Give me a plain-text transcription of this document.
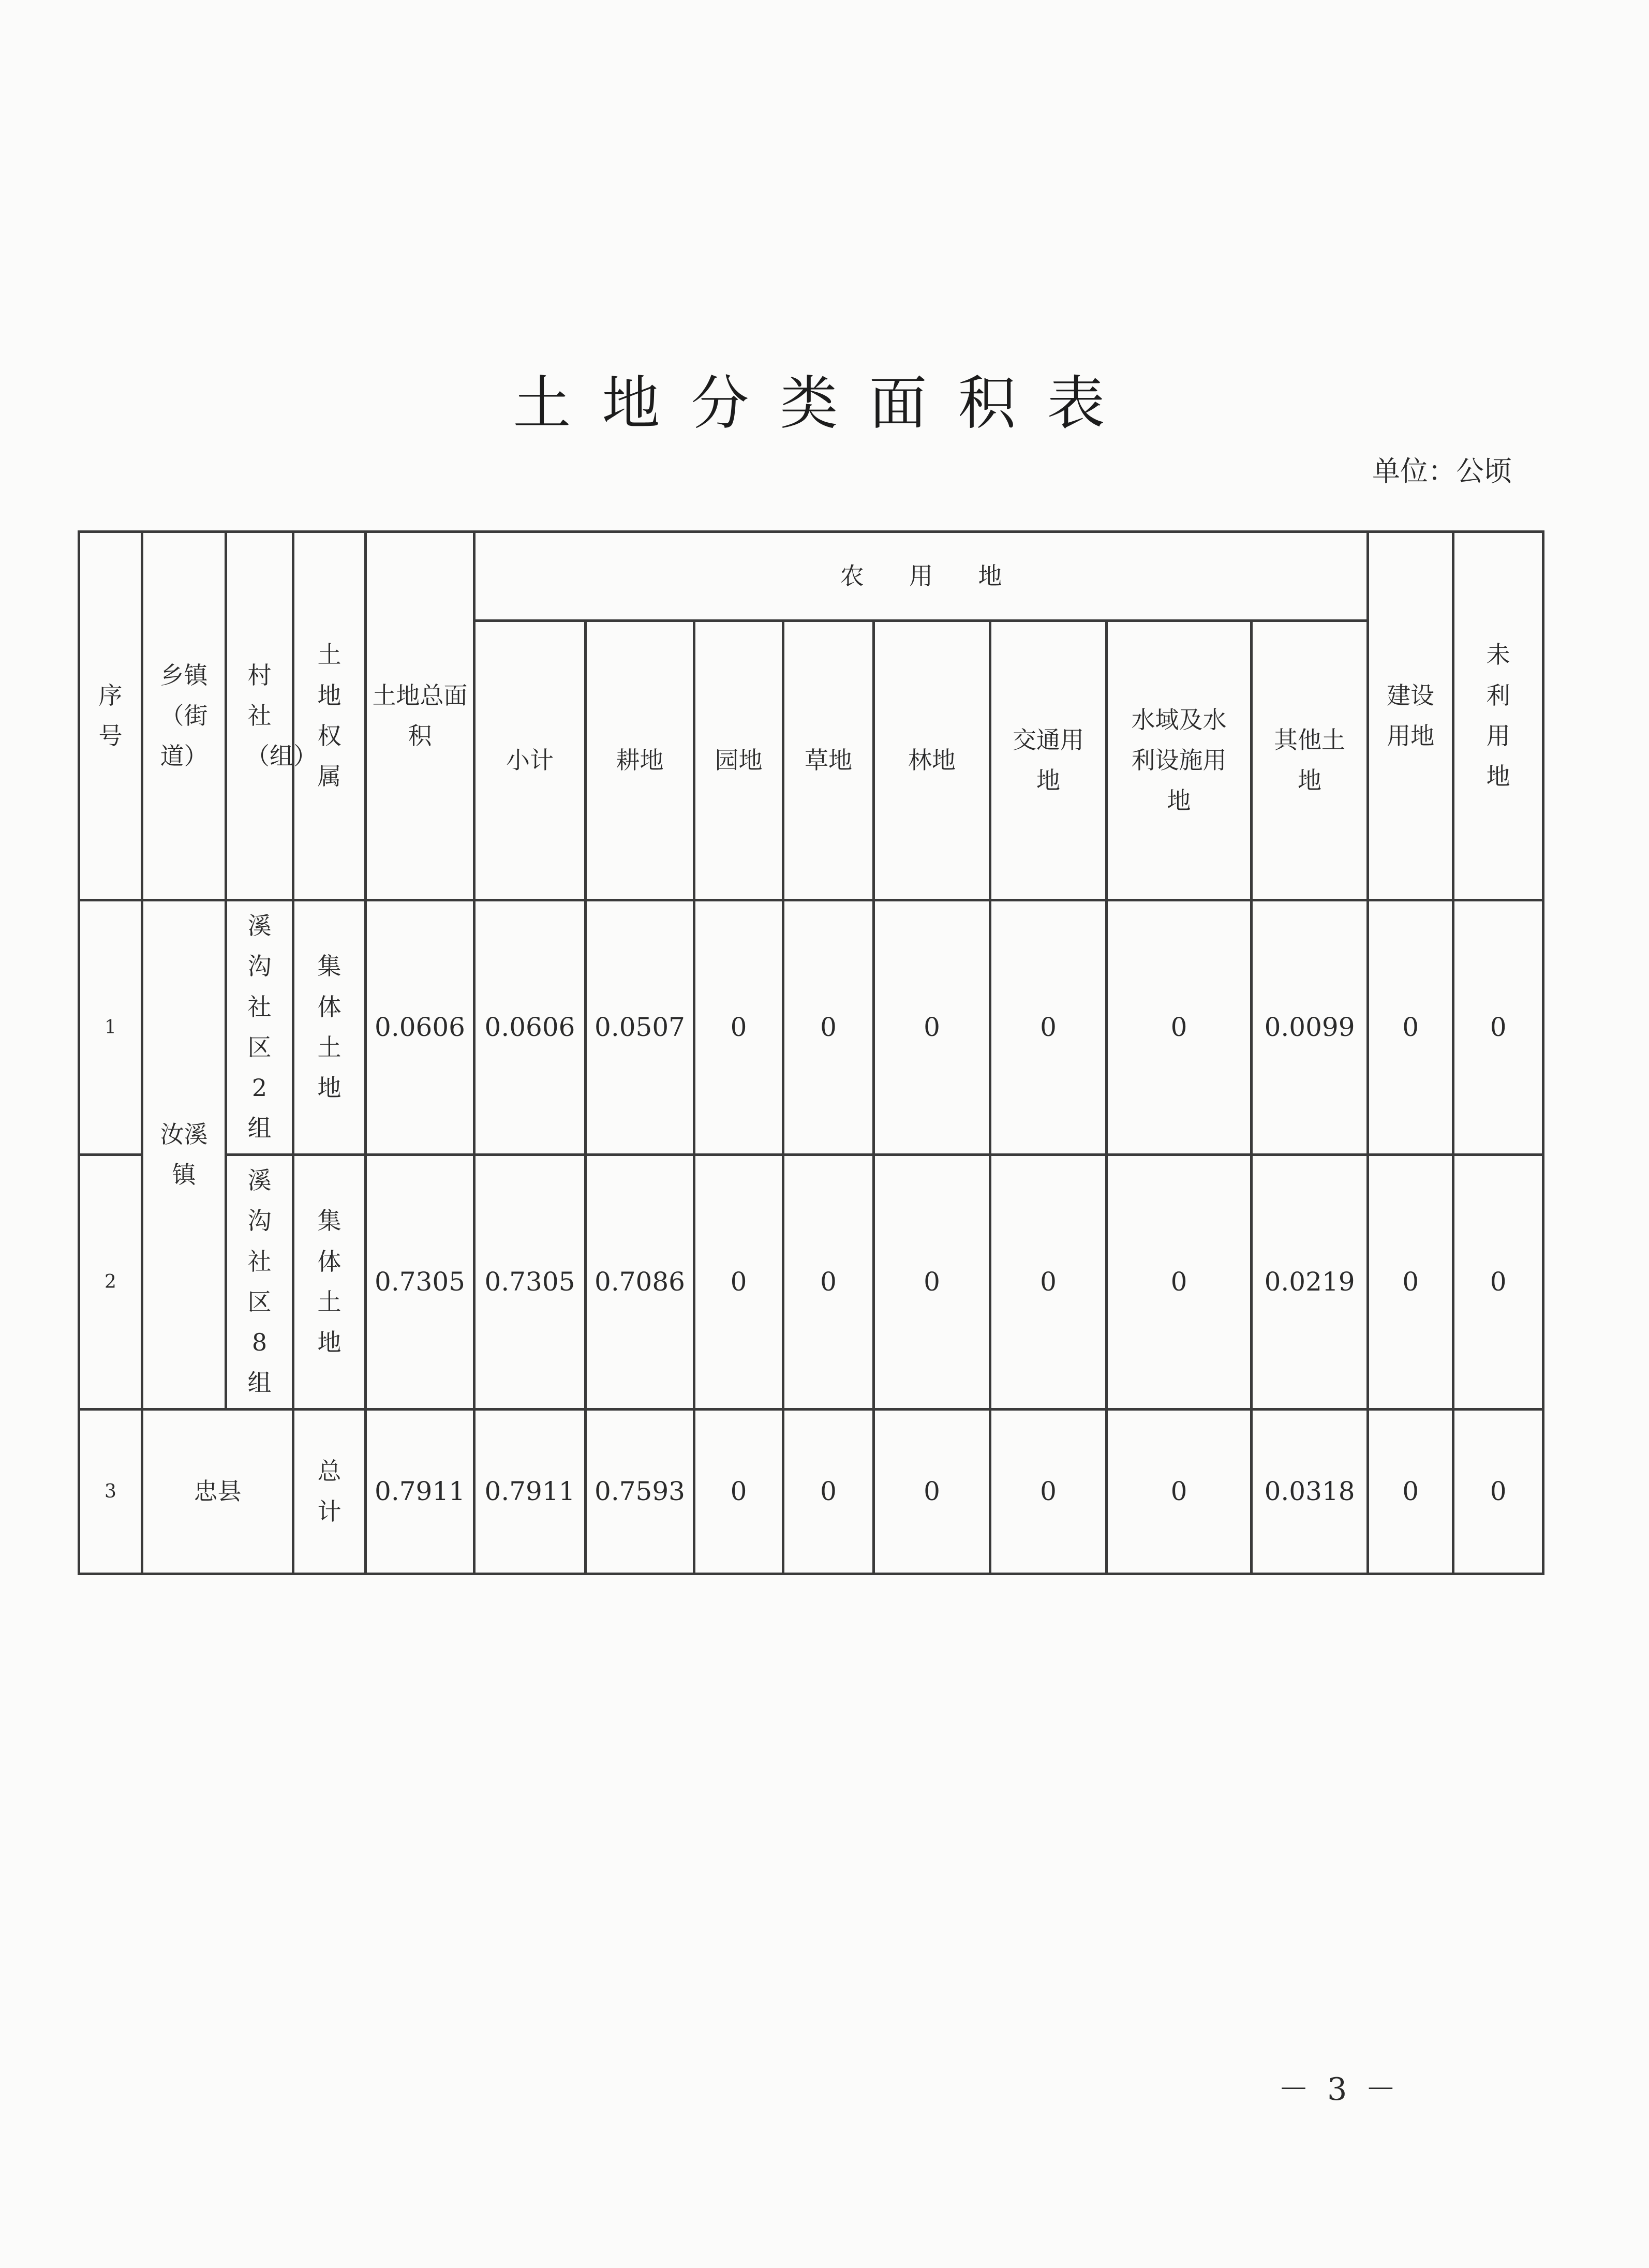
土地分类面积表
单位：公顷
序号	乡镇（街道）	村社（组）	土地权属	土地总面积	农用地								建设用地	未利用地
					小计	耕地	园地	草地	林地	交通用地	水域及水利设施用地	其他土地		
1	汝溪镇	溪沟社区2组	集体土地	0.0606	0.0606	0.0507	0	0	0	0	0	0.0099	0	0
2		溪沟社区8组	集体土地	0.7305	0.7305	0.7086	0	0	0	0	0	0.0219	0	0
3	忠县		总计	0.7911	0.7911	0.7593	0	0	0	0	0	0.0318	0	0
－ 3 －
